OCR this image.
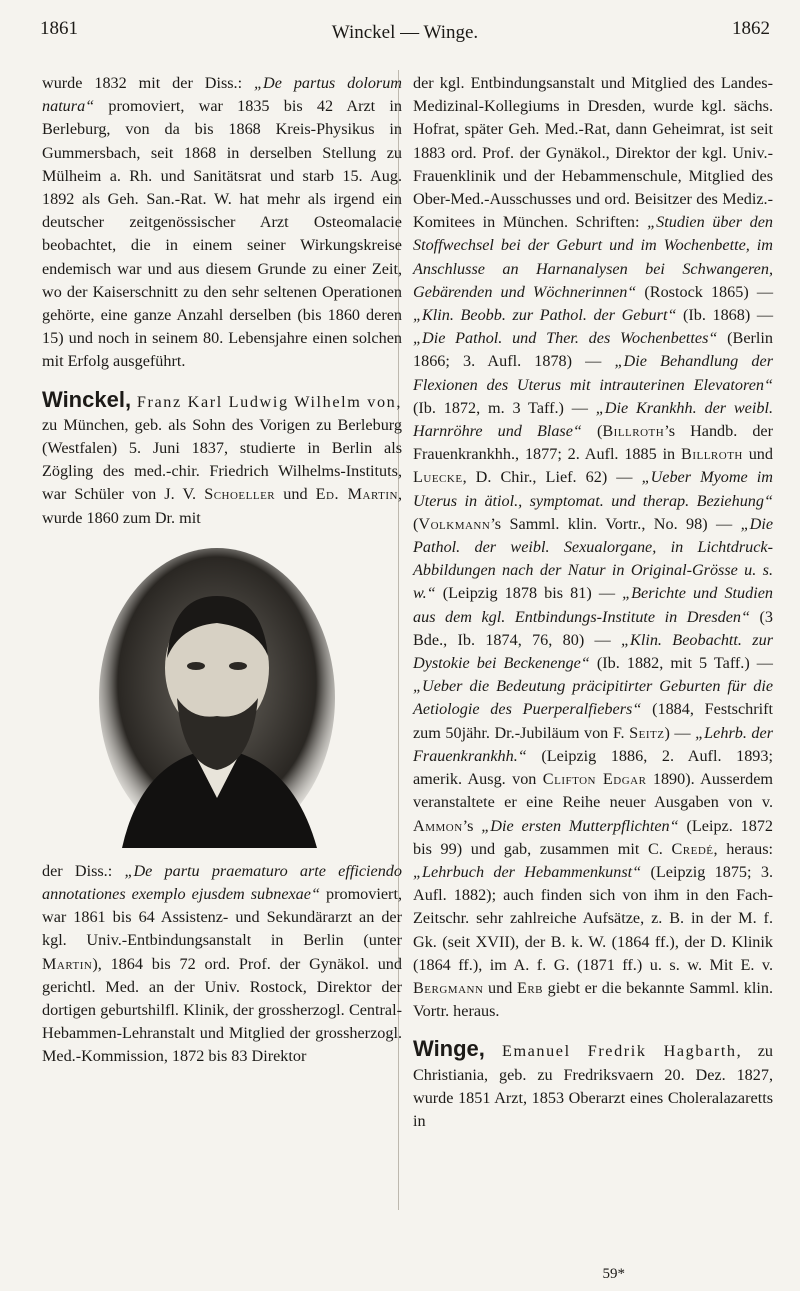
1861	Winckel — Winge.	1862

wurde 1832 mit der Diss.: „De partus dolorum natura“ promoviert, war 1835 bis 42 Arzt in Berleburg, von da bis 1868 Kreis-Physikus in Gummersbach, seit 1868 in derselben Stellung zu Mülheim a. Rh. und Sanitätsrat und starb 15. Aug. 1892 als Geh. San.-Rat. W. hat mehr als irgend ein deutscher zeitgenössischer Arzt Osteomalacie beobachtet, die in einem seiner Wirkungskreise endemisch war und aus diesem Grunde zu einer Zeit, wo der Kaiserschnitt zu den sehr seltenen Operationen gehörte, eine ganze Anzahl derselben (bis 1860 deren 15) und noch in seinem 80. Lebensjahre einen solchen mit Erfolg ausgeführt.

Winckel, Franz Karl Ludwig Wilhelm von, zu München, geb. als Sohn des Vorigen zu Berleburg (Westfalen) 5. Juni 1837, studierte in Berlin als Zögling des med.-chir. Friedrich Wilhelms-Instituts, war Schüler von J. V. Schoeller und Ed. Martin, wurde 1860 zum Dr. mit

der Diss.: „De partu praematuro arte efficiendo annotationes exemplo ejusdem subnexae“ promoviert, war 1861 bis 64 Assistenz- und Sekundärarzt an der kgl. Univ.-Entbindungsanstalt in Berlin (unter Martin), 1864 bis 72 ord. Prof. der Gynäkol. und gerichtl. Med. an der Univ. Rostock, Direktor der dortigen geburtshilfl. Klinik, der grossherzogl. Central-Hebammen-Lehranstalt und Mitglied der grossherzogl. Med.-Kommission, 1872 bis 83 Direktor

der kgl. Entbindungsanstalt und Mitglied des Landes-Medizinal-Kollegiums in Dresden, wurde kgl. sächs. Hofrat, später Geh. Med.-Rat, dann Geheimrat, ist seit 1883 ord. Prof. der Gynäkol., Direktor der kgl. Univ.-Frauenklinik und der Hebammenschule, Mitglied des Ober-Med.-Ausschusses und ord. Beisitzer des Mediz.-Komitees in München. Schriften: „Studien über den Stoffwechsel bei der Geburt und im Wochenbette, im Anschlusse an Harnanalysen bei Schwangeren, Gebärenden und Wöchnerinnen“ (Rostock 1865) — „Klin. Beobb. zur Pathol. der Geburt“ (Ib. 1868) — „Die Pathol. und Ther. des Wochenbettes“ (Berlin 1866; 3. Aufl. 1878) — „Die Behandlung der Flexionen des Uterus mit intrauterinen Elevatoren“ (Ib. 1872, m. 3 Taff.) — „Die Krankhh. der weibl. Harnröhre und Blase“ (Billroth’s Handb. der Frauenkrankhh., 1877; 2. Aufl. 1885 in Billroth und Luecke, D. Chir., Lief. 62) — „Ueber Myome im Uterus in ätiol., symptomat. und therap. Beziehung“ (Volkmann’s Samml. klin. Vortr., No. 98) — „Die Pathol. der weibl. Sexualorgane, in Lichtdruck-Abbildungen nach der Natur in Original-Grösse u. s. w.“ (Leipzig 1878 bis 81) — „Berichte und Studien aus dem kgl. Entbindungs-Institute in Dresden“ (3 Bde., Ib. 1874, 76, 80) — „Klin. Beobachtt. zur Dystokie bei Beckenenge“ (Ib. 1882, mit 5 Taff.) — „Ueber die Bedeutung präcipitirter Geburten für die Aetiologie des Puerperalfiebers“ (1884, Festschrift zum 50jähr. Dr.-Jubiläum von F. Seitz) — „Lehrb. der Frauenkrankhh.“ (Leipzig 1886, 2. Aufl. 1893; amerik. Ausg. von Clifton Edgar 1890). Ausserdem veranstaltete er eine Reihe neuer Ausgaben von v. Ammon’s „Die ersten Mutterpflichten“ (Leipz. 1872 bis 99) und gab, zusammen mit C. Credé, heraus: „Lehrbuch der Hebammenkunst“ (Leipzig 1875; 3. Aufl. 1882); auch finden sich von ihm in den Fach-Zeitschr. sehr zahlreiche Aufsätze, z. B. in der M. f. Gk. (seit XVII), der B. k. W. (1864 ff.), der D. Klinik (1864 ff.), im A. f. G. (1871 ff.) u. s. w. Mit E. v. Bergmann und Erb giebt er die bekannte Samml. klin. Vortr. heraus.

Winge, Emanuel Fredrik Hagbarth, zu Christiania, geb. zu Fredriksvaern 20. Dez. 1827, wurde 1851 Arzt, 1853 Oberarzt eines Choleralazaretts in

59*
